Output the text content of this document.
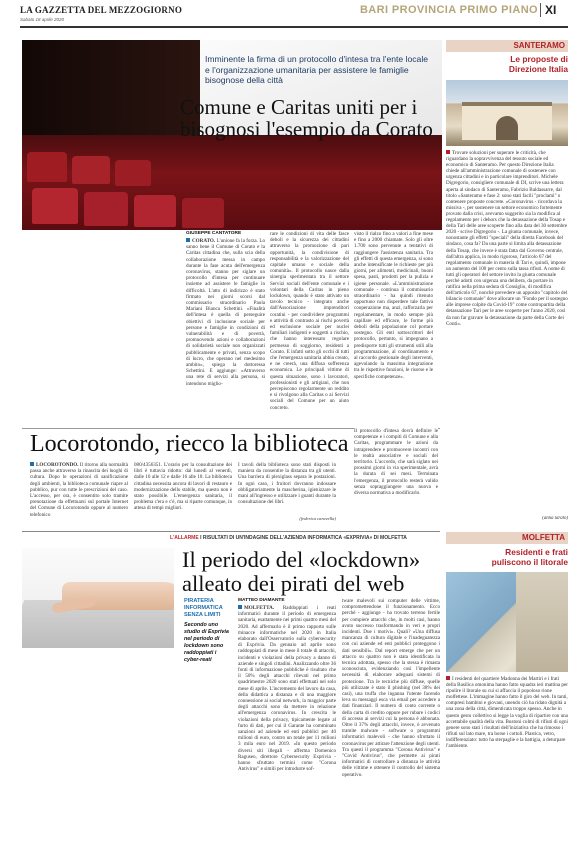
LA GAZZETTA DEL MEZZOGIORNO
Sabato 18 aprile 2020
BARI PROVINCIA PRIMO PIANO XI
Imminente la firma di un protocollo d'intesa tra l'ente locale e l'organizzazione umanitaria per assistere le famiglie bisognose della città
Comune e Caritas uniti per i bisognosi l'esempio da Corato
GIUSEPPE CANTATORE

CORATO. L'unione fa la forza. Lo sanno bene il Comune di Corato e la Caritas cittadina che, sulla scia della collaborazione messa in campo durante la fase acuta dell'emergenza coronavirus, stanno per siglare un protocollo d'intesa per continuare insieme ad assistere le famiglie in difficoltà. L'atto di indirizzo è stato firmato nei giorni scorsi dal commissario straordinario Paola Mariani Bianca Schettini. «Finalità dell'intesa è quella di perseguire obiettivi di inclusione sociale per persone e famiglie in condizioni di vulnerabilità e di povertà, promuovendo azioni e collaborazioni di solidarietà sociale non organizzati pubblicamente e privati, senza scopo di lucro, che operano nel medesimo ambito», spiega la dottoressa Schettini. E aggiunge: «Attraverso una rete di servizi alla persona, si intendono miglio-

rare le condizioni di vita delle fasce deboli e la sicurezza dei cittadini attraverso la promozione di pari opportunità, la condivisione di responsabilità e la valorizzazione del capitale umano e sociale della comunità». Il protocollo nasce dalla sinergia sperimentata tra il settore Servizi sociali dell'ente comunale e i volontari della Caritas in pieno lockdown, quando è stato attivato un tavolo tecnico - integrato anche dall'Associazione imprenditori coratini - per condividere programmi e attività di contrasto ai rischi povertà ed esclusione sociale per nuclei familiari indigenti e soggetti a rischio, che hanno interessato regolare permesso di soggiorno, residenti a Corato. E infatti sotto gli occhi di tutti che l'emergenza sanitaria abbia creato, e ne creerà, una diffusa sofferenza economica. Le principali vittime di questa situazione, sono i lavoratori, professionisti e gli artigiani, che non percepiscono regolarmente un reddito e si rivolgono alla Caritas o ai Servizi sociali del Comune per un aiuto concreto.

visto il rialzo fino a valori a fine mese e fino a 2000 chiamate. Solo gli oltre 1.700 sono pervenute a tentativi di raggiungere l'assistenza sanitaria. Tra gli effetti di questa emergenza, si sono anche intensificate le richieste per più giorni, per alimenti, medicinali, buoni spesa, pasti, prodotti per la pulizia e igiene personale. «L'amministrazione comunale - continua il commissario straordinario - ha quindi ritenuto opportuno non disperdere tale fattiva cooperazione ma, anzi, rafforzarla per regolamentare, in modo sempre più capillare ed efficace, le forme più deboli della popolazione col portare sostegno. Gli enti sottoscrittori del protocollo, pertanto, si impegnano a predisporre tutti gli strumenti utili alla programmazione, al coordinamento e al raccordo gestionale degli interventi, agevolando la massima integrazione tra le rispettive funzioni, le risorse e le specifiche competenze».

SANTERAMO
Le proposte di Direzione Italia
Trovare soluzioni per superare le criticità, che riguardano la sopravvivenza del tessuto sociale ed economico di Santeramo. Per questo Direzione Italia chiede all'amministrazione comunale di sostenere con urgenza cittadini e in particolare imprenditori. Michele Digregorio, consigliere comunale di DI, scrive una lettera aperta al sindaco di Santeramo, Fabrizio Baldassarre, dal titolo «Santeramo e fase 2: sono stati facili "proclami" o contenere proposte concrete. «Coronavirus - ricordava la missiva -, per sostenere un settore economico fortemente provato dalla crisi, avevamo suggerito sia la modifica al regolamento per i dehors che la detassazione della Tosap e della Tari delle aree scoperte fino alla data del 30 settembre 2020 - scrive Digregorio -. La giunta comunale, invece, nonostante gli effetti "speciali" della diretta Facebook del sindaco, cosa fa? Da una parte si limita alla detassazione della Tosap, che invece è stata fatta dal Governo centrale, dall'altra applica, in modo rigoroso, l'articolo 67 del regolamento comunale in materia di Tari e, quindi, impone un aumento del 100 per cento sulla tassa rifiuti. A nome di tutti gli operatori del settore invito la giunta comunale perché adotti con urgenza una delibera, da portare in ratifica nella prima seduta di Consiglio, di modifica dell'articolo 67, nonché prevedere un apposito "capitolo del bilancio comunale" dove allocare un "Fondo per il sostegno alle imprese colpite da Covid-19" come contropartita della detassazione Tari per le aree scoperte per l'anno 2020, così da non far gravare la detassazione da parte della Corte dei Conti».
(anna larato)
Locorotondo, riecco la biblioteca

LOCOROTONDO. Il ritorno alla normalità passa anche attraverso la rinascita dei luoghi di cultura. Dopo le operazioni di sanificazione degli ambienti, la biblioteca comunale riapre al pubblico, pur con tutte le prescrizioni del caso. L'accesso, per ora, è consentito solo tramite prenotazione da effettuarsi sul portale Internet del Comune di Locorotondo oppure al numero telefonico

080/4356351. L'orario per la consultazione dei libri è tuttavia ridotto: dal lunedì al venerdì, dalle 10 alle 12 e dalle 16 alle 18. La biblioteca cittadina necessita ancora di lavori di restauro e modernizzazione dello stabile, ma questo non è stato possibile. L'emergenza sanitaria, il problema c'era e c'è, ma si riparte comunque, in attesa di tempi migliori.

I tavoli della biblioteca sono stati disposti in maniera da consentire la distanza tra gli utenti. Una barriera di plexiglass separa le postazioni. In ogni caso, i fruitori dovranno indossare obbligatoriamente la mascherina, igienizzare le mani all'ingresso e utilizzare i guanti durante la consultazione dei libri.

(federica caravella)

Il protocollo d'intesa dovrà definire le competenze e i compiti di Comune e alla Caritas, programmare le azioni da intraprendere e promuovere incontri con le realtà associative e sociali del territorio. L'accordo, che sarà siglato nei prossimi giorni in via sperimentale, avrà la durata di sei mesi. Terminata l'emergenza, il protocollo resterà valido senza sopraggiungere una nuova e diversa normativa a modificarlo.

L'ALLARME I RISULTATI DI UN'INDAGINE DELL'AZIENDA INFORMATICA «EXPRIVIA» DI MOLFETTA
Il periodo del «lockdown» alleato dei pirati del web
PIRATERIA INFORMATICA SENZA LIMITI
Secondo uno studio di Exprivia nel periodo di lockdown sono raddoppiati i cyber-reati
MATTEO DIAMANTE

MOLFETTA. Raddoppiati i reati informatici durante il periodo di emergenza sanitaria, esattamente nei primi quattro mesi del 2020. Ad affermarlo è il primo rapporto sulle minacce informatiche nel 2020 in Italia elaborato dall'Osservatorio sulla cybersecurity di Exprivia. Da gennaio ad aprile sono raddoppiati di mese in mese il totale di attacchi, incidenti e violazioni della privacy a danno di aziende e singoli cittadini. Analizzando oltre 36 fonti di informazione pubbliche è risultato che il 50% degli attacchi rilevati nel primo quadrimestre 2020 sono stati effettuati nel solo mese di aprile. L'incremento del lavoro da casa, della didattica a distanza e di una maggiore connessione ai social network, la maggior parte degli attacchi sono da mettere in relazione all'emergenza coronavirus. In crescita le violazioni della privacy, tipicamente legate al furto di dati, per cui il Garante ha comminato sanzioni ad aziende ed enti pubblici per 40 milioni di euro, contro un totale per 11 milioni 3 mila euro nel 2019. «In questo periodo diversi siti illegali - afferma Domenico Raguseo, direttore Cybersecurity Exprivia - hanno sfruttato termini come "Corona Antivirus" e simili per introdurre sof-

tware malevoli sui computer delle vittime, compromettendone il funzionamento. Ecco perché - aggiunge - ha trovato terreno fertile per compiere attacchi che, in molti casi, hanno avuto successo trasformando in veri e propri incidenti. Due i motivi». Quali? «Una diffusa mancanza di cultura digitale e l'inadeguatezza con cui aziende ed enti pubblici proteggono i dati sensibili». Dal report emerge che per un attacco su quattro non è stata identificata la tecnica adottata, spesso che la stessa è rimasta sconosciuta, evidenziando così l'impellente necessità di elaborare adeguati sistemi di protezione. Tra le tecniche più diffuse, quelle più utilizzate è stato il phishing (nel 38% dei casi), una truffa che inganna l'utente facendo leva su messaggi esca via email per accedere a dati finanziari. Il numero di conto corrente o della carta di credito oppure per rubare i codici di accesso ai servizi cui la persona è abbonata. Oltre il 37% degli attacchi, invece, è avvenuto tramite malware - software o programmi informatici malevoli - che hanno sfruttato il coronavirus per attirare l'attenzione degli utenti. Tra questi il programma "Corona Antivirus" e "Covid Antivirus", che permette ai pirati informatici di controllare a distanza le attività delle vittime e ottenere il controllo del sistema operativo.

MOLFETTA
Residenti e frati puliscono il litorale
I residenti del quartiere Madonna dei Martiri e i frati della Basilica omonima hanno fatto squadra ieri mattina per ripulire il litorale su cui si affaccia il popoloso rione molfettese. L'immagine hanno fatto il giro del web. In tanti, compresi bambini e giovani, unendo ciò ha ridato dignità a una zona della città, dimenticata troppo spesso. Anche in questo gesto collettivo si legge la voglia di ripartire con una accettabile qualità della vita. Bustoni colmi di rifiuti di ogni genere sono stati i risultati dell'iniziativa che ha rimosso i rifiuti sul lato mare, tra borse i cottoli. Plastica, vetro, indifferenziato: tutto ha sterpaglie e la battigia, a deturpare l'ambiente.
